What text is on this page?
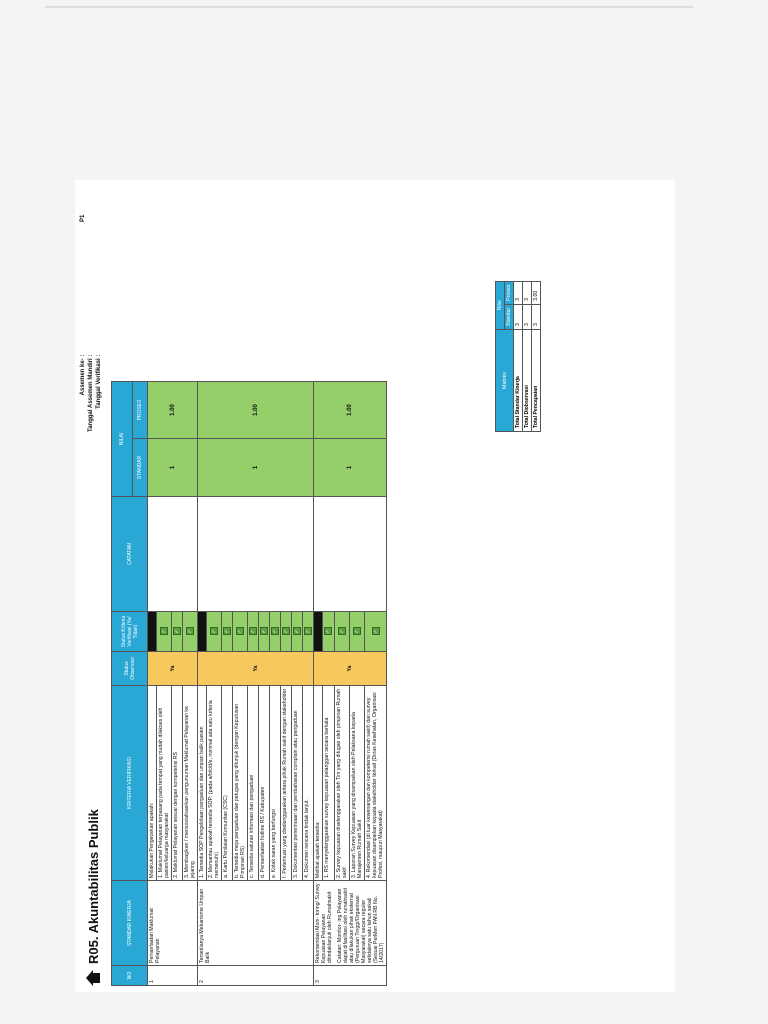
R05. Akuntabilitas Publik
Assemen ke- : Tanggal Assemen Mandiri : Tanggal Verifikasi :
P1
NO	STANDAR KINERJA	KRITERIA VERIFIKASI	Status Observasi	Status Kriteria Verifikasi (Ya/ Tidak)	CATATAN	NILAI	
						STANDAR	PROSES
1	Pemanfaatan Maklumat Pelayanan	Melakukan Pengecekan apakah:	Ya			1	1.00
		1. Maklumat Pelayanan terpasang pada tempat yang mudah dilakses oleh pasien/keluarga masyarakat		✓			
		2. Maklumat Pelayanan sesuai dengan kompetensi RS		✓			
		3. Membagikan / mensosialisasikan pengumuman Maklumat Pelayanan ke jejaring		✓			
2	Tersedianya Mekanisme Umpan Balik	1. Tersedia SOP Pengelolaan pengaduan dan umpan balik pasien	Ya			1	1.00
		2. Memantau apakah tersedia SOP: (pada a/b/c/d/e, minimal ada satu kriteria memenuhi)		✓			
		a. Kartu Penilaian Komunitas (CSC)		✓			
		b. Tersedia meja pengaduan dan petugas yang ditunjuk (dengan Keputusan Pimpinan RS)		✓			
		c. Tersedia saluran informasi dan pengaduan		✓			
		d. Pemanfaatan hotline RS / Kabupaten		✓			
		e. Kotak saran yang berfungsi		✓			
		f. Pertemuan yang diselenggarakan antara pihak Rumah sakit dengan stakeholder		✓			
		3. Dokumentasi penerimaan dan pembahasan complain atau pengaduan		✓			
		4. Dokumen rencana tindak lanjut.		✓			
3	Rekomendasi Moni- toring/ Survey Kepuasan Pelayanan ditindaklanjuti oleh Rumahsakit Catatan: Monitor- ing Pelayanan dapat difasilitasi oleh rumahsakit atau dilakukan pihak eksternal (Perguruan Tinggi/Organisasi Masyarakat) secara reguler setidaknya satu tahun sekali (Sesuai PerMen PAN RB No. 14/2017)	Melihat apakah tersedia:	Ya			1	1.00
		1. RS menyelenggarakan survey kepuasan pelanggan secara berkala		✓			
		2. Survey kepuasan diselenggarakan oleh Tim yang ditugas oleh pimpinan Rumah sakit		✓			
		3. Laporan Survey Kepuasan yang disampaikan oleh Pelaksana kepada Manajemen Rumah Sakit		✓			
		4. Rekomendasi (di luar kewenangan dan kompetensi rumah sakit) dari survey kepuasan disampaikan kepada stakeholder terkait (Dinas Kesehatan, Organisasi Profesi, maupun Masyarakat)		✓			
Matriks	Nilai	
	Standar	Proses
Total Standar Kinerja	3	3
Total Diobservasi	3	3
Total Pencapaian	3	3.00
